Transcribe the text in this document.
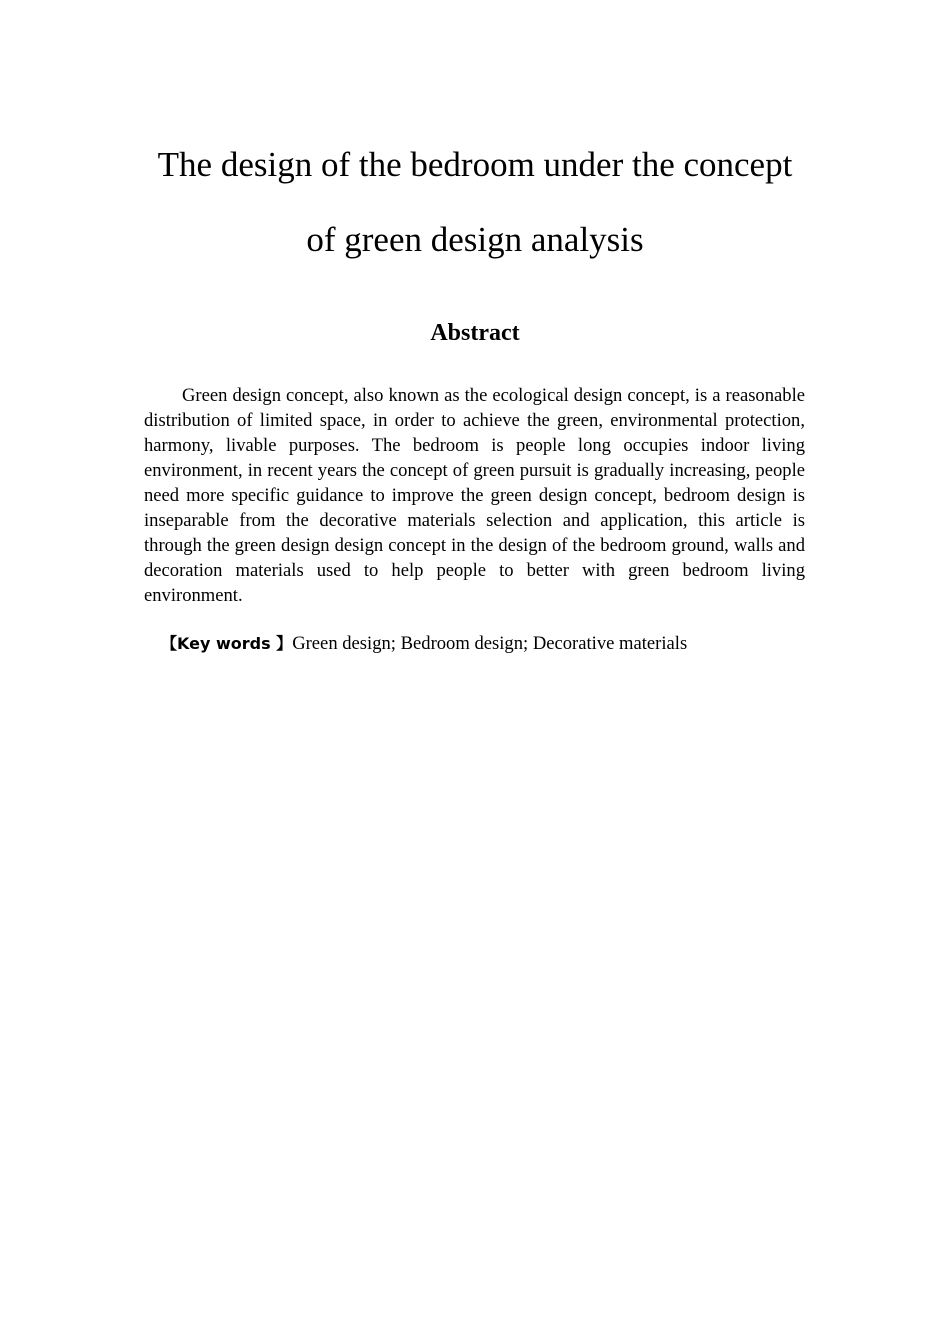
The design of the bedroom under the concept
of green design analysis
Abstract

Green design concept, also known as the ecological design concept, is a reasonable distribution of limited space, in order to achieve the green, environmental protection, harmony, livable purposes. The bedroom is people long occupies indoor living environment, in recent years the concept of green pursuit is gradually increasing, people need more specific guidance to improve the green design concept, bedroom design is inseparable from the decorative materials selection and application, this article is through the green design design concept in the design of the bedroom ground, walls and decoration materials used to help people to better with green bedroom living environment.

【Key words 】Green design; Bedroom design; Decorative materials
